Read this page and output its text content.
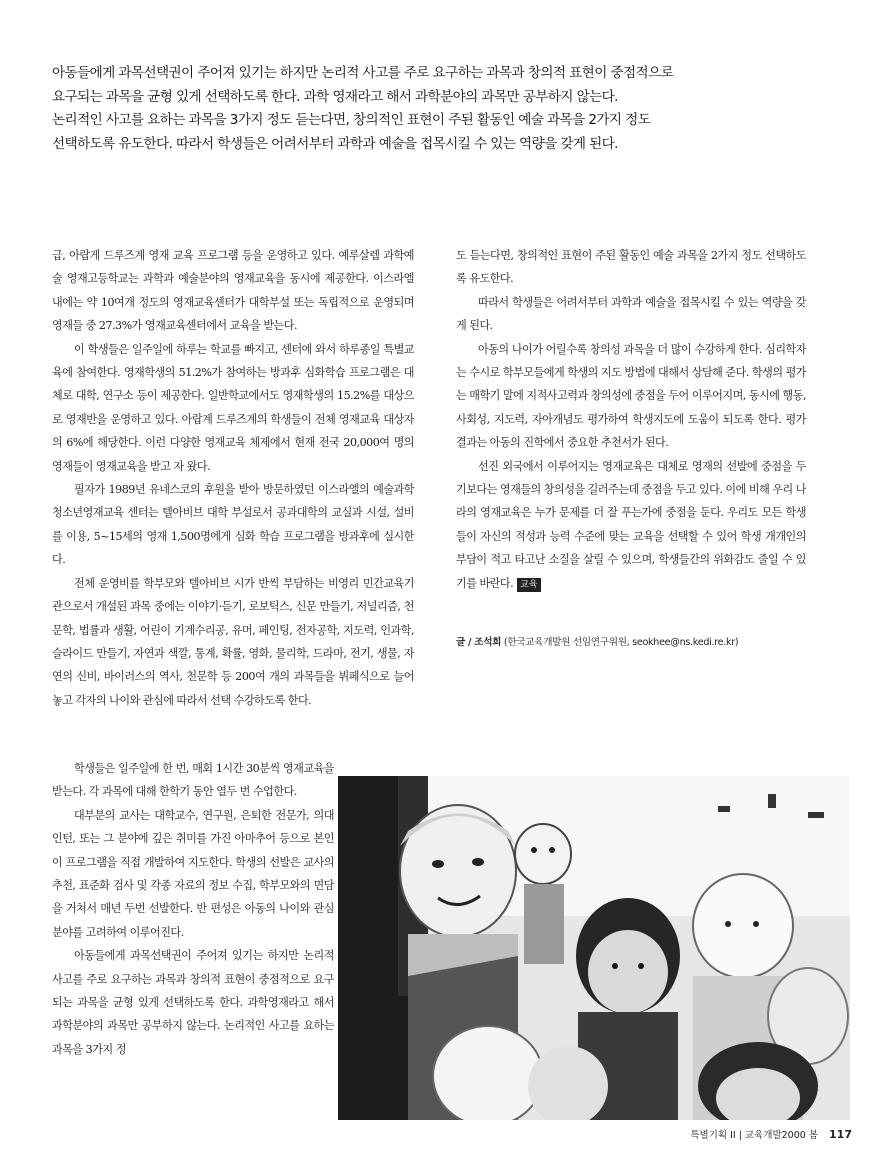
아동들에게 과목선택권이 주어져 있기는 하지만 논리적 사고를 주로 요구하는 과목과 창의적 표현이 중점적으로

요구되는 과목을 균형 있게 선택하도록 한다. 과학 영재라고 해서 과학분야의 과목만 공부하지 않는다.

논리적인 사고를 요하는 과목을 3가지 정도 듣는다면, 창의적인 표현이 주된 활동인 예술 과목을 2가지 정도

선택하도록 유도한다. 따라서 학생들은 어려서부터 과학과 예술을 접목시킬 수 있는 역량을 갖게 된다.

급, 아랍게 드루즈계 영재 교육 프로그램 등을 운영하고 있다. 예루살렘 과학예술 영재고등학교는 과학과 예술분야의 영재교육을 동시에 제공한다. 이스라엘 내에는 약 10여개 정도의 영재교육센터가 대학부설 또는 독립적으로 운영되며 영재들 중 27.3%가 영재교육센터에서 교육을 받는다.

이 학생들은 일주일에 하루는 학교를 빠지고, 센터에 와서 하루종일 특별교육에 참여한다. 영재학생의 51.2%가 참여하는 방과후 심화학습 프로그램은 대체로 대학, 연구소 등이 제공한다. 일반학교에서도 영재학생의 15.2%를 대상으로 영재반을 운영하고 있다. 아랍계 드루즈계의 학생들이 전체 영재교육 대상자의 6%에 해당한다. 이런 다양한 영재교육 체제에서 현재 전국 20,000여 명의 영재들이 영재교육을 받고 자 왔다.

필자가 1989년 유네스코의 후원을 받아 방문하였던 이스라엘의 예술과학 청소년영재교육 센터는 텔아비브 대학 부설로서 공과대학의 교실과 시설, 설비를 이용, 5~15세의 영재 1,500명에게 심화 학습 프로그램을 방과후에 실시한다.

전체 운영비를 학부모와 텔아비브 시가 반씩 부담하는 비영리 민간교육기관으로서 개설된 과목 중에는 이야기·듣기, 로보틱스, 신문 만들기, 저널리즘, 천문학, 법률과 생활, 어린이 기계수리공, 유머, 페인팅, 전자공학, 지도력, 인과학, 슬라이드 만들기, 자연과 색깔, 통계, 확률, 영화, 물리학, 드라마, 전기, 생물, 자연의 신비, 바이러스의 역사, 천문학 등 200여 개의 과목들을 뷔페식으로 늘어놓고 각자의 나이와 관심에 따라서 선택 수강하도록 한다.

학생들은 일주일에 한 번, 매회 1시간 30분씩 영재교육을 받는다. 각 과목에 대해 한학기 동안 열두 번 수업한다.

대부분의 교사는 대학교수, 연구원, 은퇴한 전문가, 의대 인턴, 또는 그 분야에 깊은 취미를 가진 아마추어 등으로 본인이 프로그램을 직접 개발하여 지도한다. 학생의 선발은 교사의 추천, 표준화 검사 및 각종 자료의 정보 수집, 학부모와의 면담을 거쳐서 매년 두번 선발한다. 반 편성은 아동의 나이와 관심분야를 고려하여 이루어진다.

아동들에게 과목선택권이 주어져 있기는 하지만 논리적 사고를 주로 요구하는 과목과 창의적 표현이 중점적으로 요구되는 과목을 균형 있게 선택하도록 한다. 과학영재라고 해서 과학분야의 과목만 공부하지 않는다. 논리적인 사고를 요하는 과목을 3가지 정

도 듣는다면, 창의적인 표현이 주된 활동인 예술 과목을 2가지 정도 선택하도록 유도한다.

따라서 학생들은 어려서부터 과학과 예술을 접목시킬 수 있는 역량을 갖게 된다.

아동의 나이가 어릴수록 창의성 과목을 더 많이 수강하게 한다. 심리학자는 수시로 학부모들에게 학생의 지도 방법에 대해서 상담해 준다. 학생의 평가는 매학기 말에 지적사고력과 창의성에 중점을 두어 이루어지며, 동시에 행동, 사회성, 지도력, 자아개념도 평가하여 학생지도에 도움이 되도록 한다. 평가 결과는 아동의 진학에서 중요한 추천서가 된다.

선진 외국에서 이루어지는 영재교육은 대체로 영재의 선발에 중점을 두기보다는 영재들의 창의성을 길러주는데 중점을 두고 있다. 이에 비해 우리 나라의 영재교육은 누가 문제를 더 잘 푸는가에 중점을 둔다. 우리도 모든 학생들이 자신의 적성과 능력 수준에 맞는 교육을 선택할 수 있어 학생 개개인의 부담이 적고 타고난 소질을 살릴 수 있으며, 학생들간의 위화감도 줄일 수 있기를 바란다. 교육

글 / 조석희 (한국교육개발원 선임연구위원, seokhee@ns.kedi.re.kr)
특별기획 II | 교육개발2000 봄 117
